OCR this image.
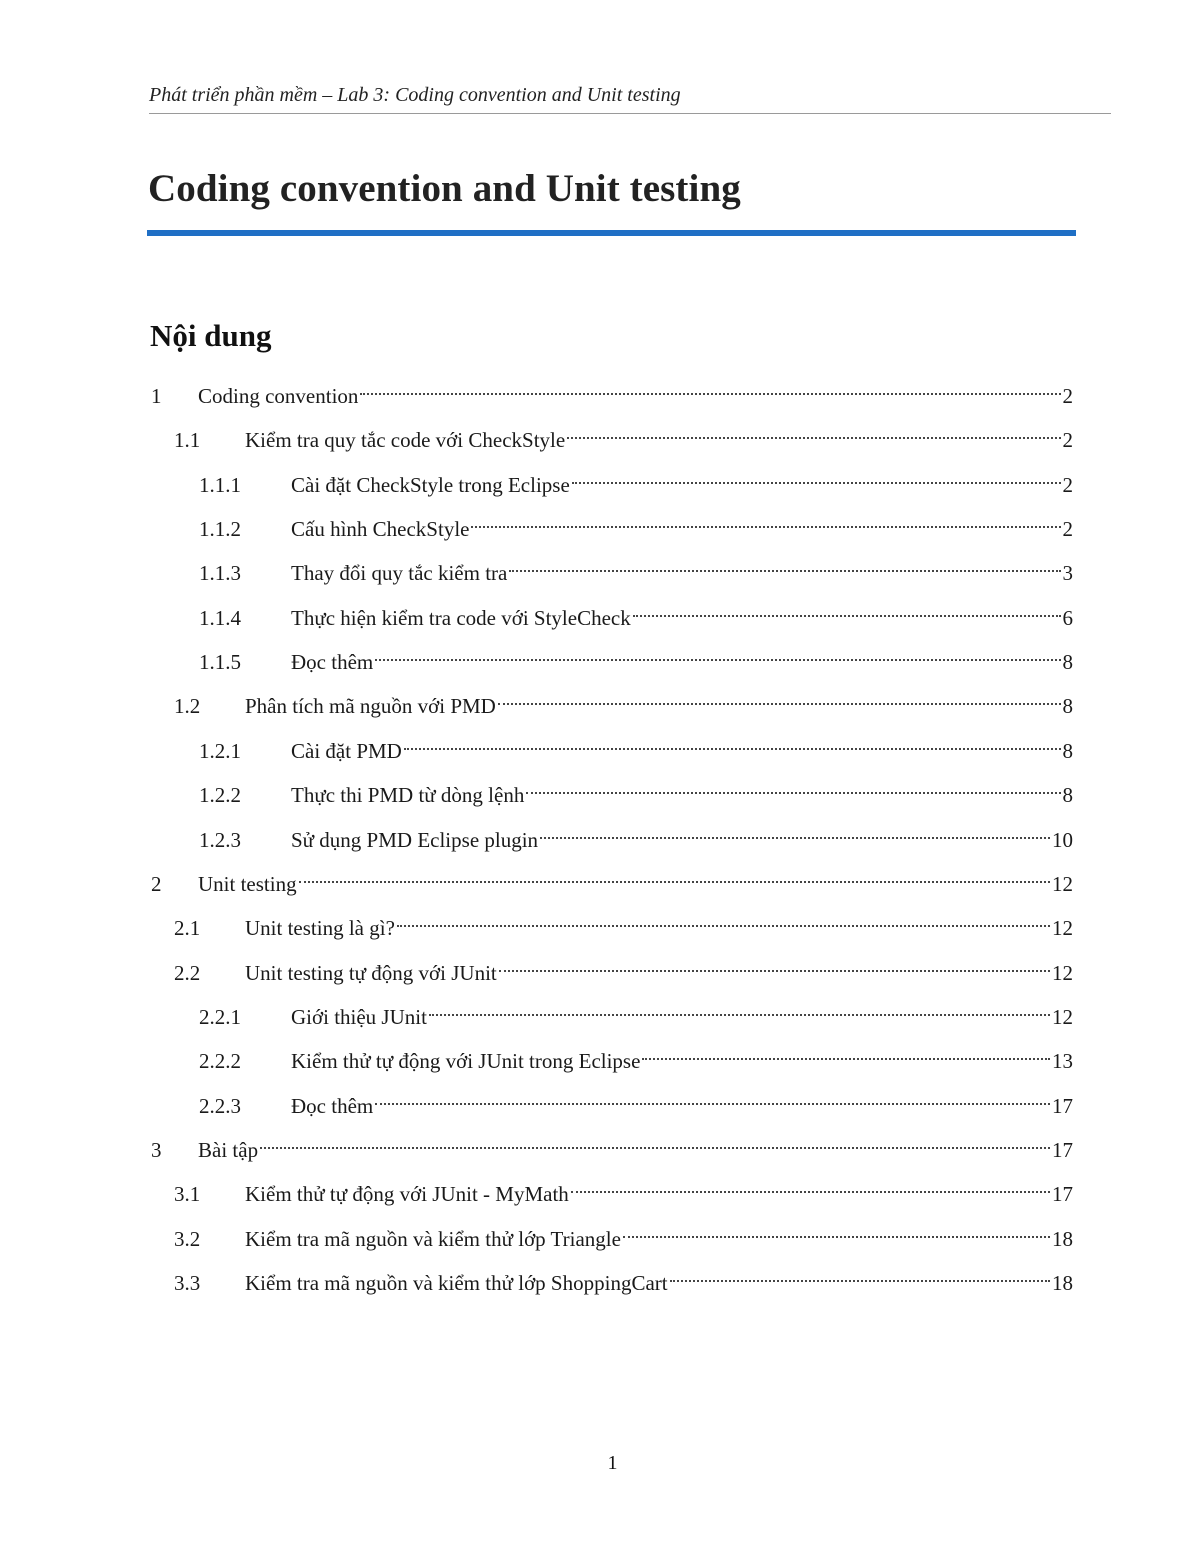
Phát triển phần mềm – Lab 3: Coding convention and Unit testing
Coding convention and Unit testing
Nội dung
1	Coding convention	2
1.1	Kiểm tra quy tắc code với CheckStyle	2
1.1.1	Cài đặt CheckStyle trong Eclipse	2
1.1.2	Cấu hình CheckStyle	2
1.1.3	Thay đổi quy tắc kiểm tra	3
1.1.4	Thực hiện kiểm tra code với StyleCheck	6
1.1.5	Đọc thêm	8
1.2	Phân tích mã nguồn với PMD	8
1.2.1	Cài đặt PMD	8
1.2.2	Thực thi PMD từ dòng lệnh	8
1.2.3	Sử dụng PMD Eclipse plugin	10
2	Unit testing	12
2.1	Unit testing là gì?	12
2.2	Unit testing tự động với JUnit	12
2.2.1	Giới thiệu JUnit	12
2.2.2	Kiểm thử tự động với JUnit trong Eclipse	13
2.2.3	Đọc thêm	17
3	Bài tập	17
3.1	Kiểm thử tự động với JUnit - MyMath	17
3.2	Kiểm tra mã nguồn và kiểm thử lớp Triangle	18
3.3	Kiểm tra mã nguồn và kiểm thử lớp ShoppingCart	18
1
